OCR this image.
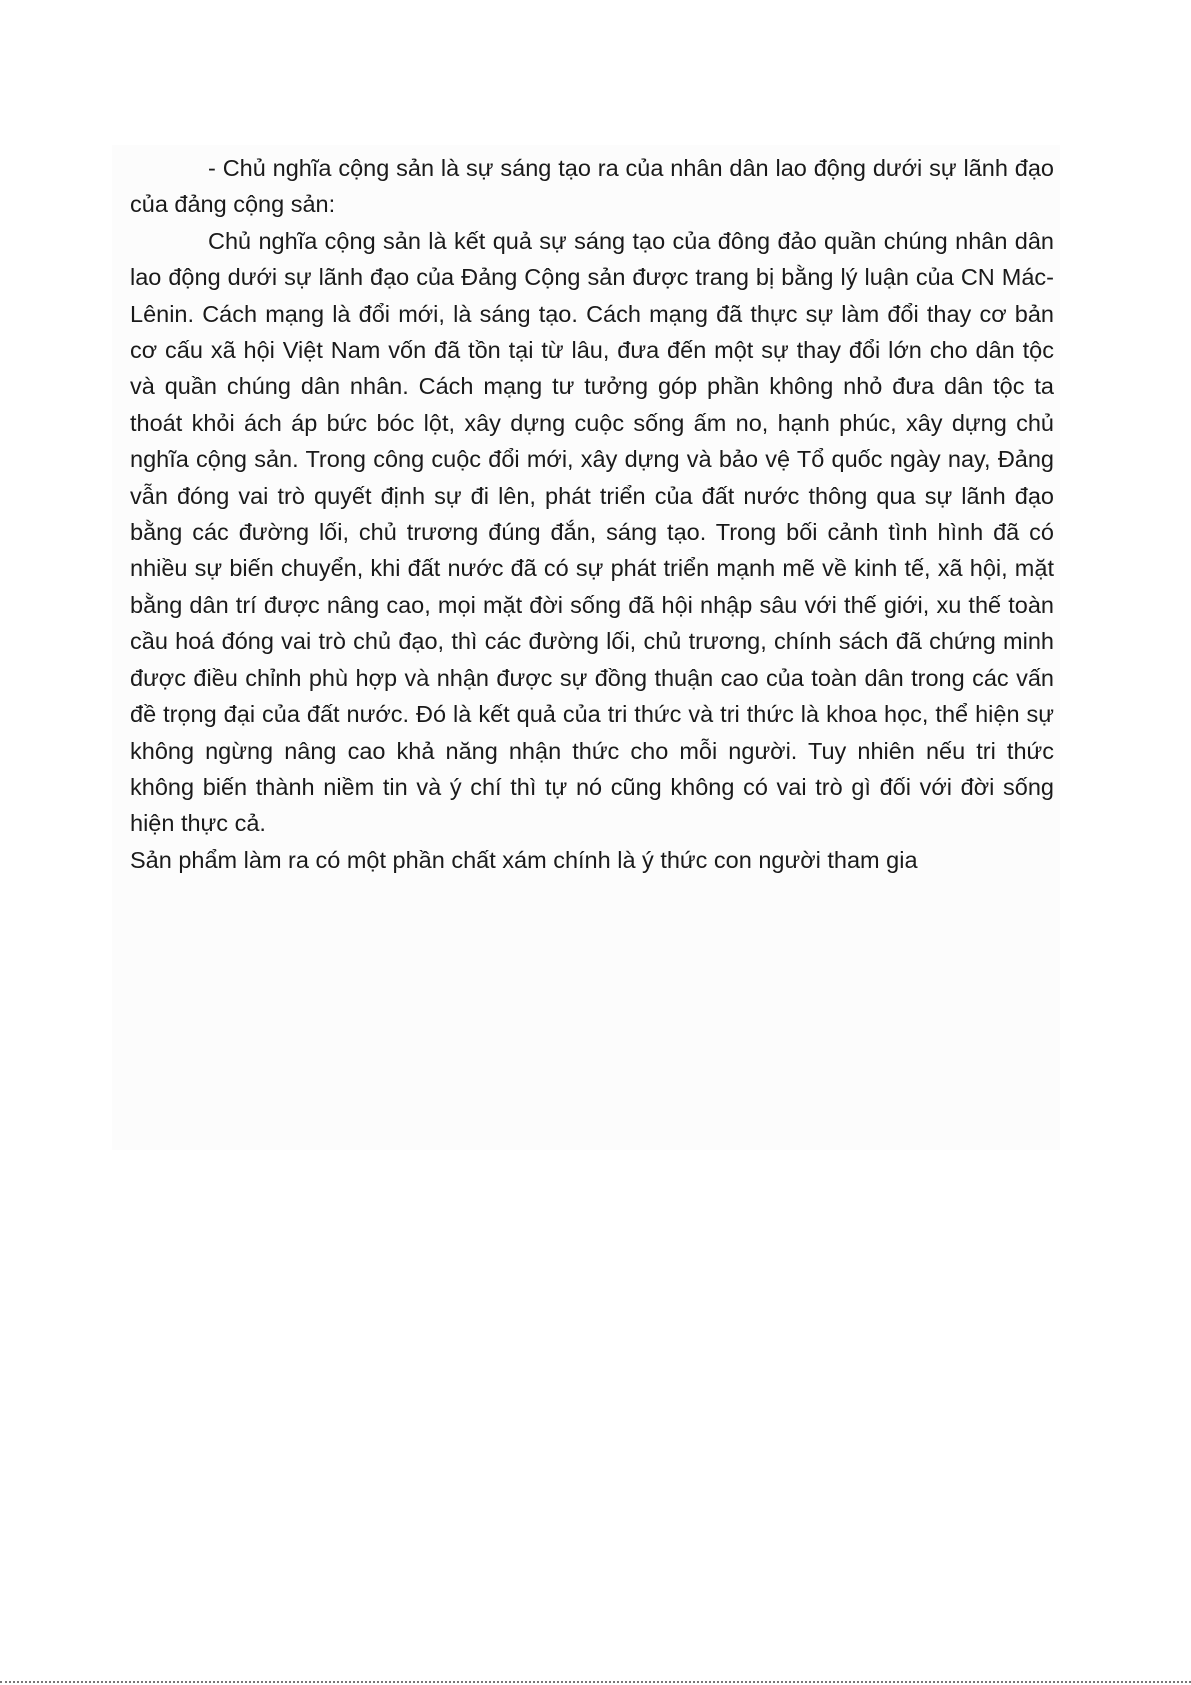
- Chủ nghĩa cộng sản là sự sáng tạo ra của nhân dân lao động dưới sự lãnh đạo của đảng cộng sản:

Chủ nghĩa cộng sản là kết quả sự sáng tạo của đông đảo quần chúng nhân dân lao động dưới sự lãnh đạo của Đảng Cộng sản được trang bị bằng lý luận của CN Mác-Lênin. Cách mạng là đổi mới, là sáng tạo. Cách mạng đã thực sự làm đổi thay cơ bản cơ cấu xã hội Việt Nam vốn đã tồn tại từ lâu, đưa đến một sự thay đổi lớn cho dân tộc và quần chúng dân nhân. Cách mạng tư tưởng góp phần không nhỏ đưa dân tộc ta thoát khỏi ách áp bức bóc lột, xây dựng cuộc sống ấm no, hạnh phúc, xây dựng chủ nghĩa cộng sản. Trong công cuộc đổi mới, xây dựng và bảo vệ Tổ quốc ngày nay, Đảng vẫn đóng vai trò quyết định sự đi lên, phát triển của đất nước thông qua sự lãnh đạo bằng các đường lối, chủ trương đúng đắn, sáng tạo. Trong bối cảnh tình hình đã có nhiều sự biến chuyển, khi đất nước đã có sự phát triển mạnh mẽ về kinh tế, xã hội, mặt bằng dân trí được nâng cao, mọi mặt đời sống đã hội nhập sâu với thế giới, xu thế toàn cầu hoá đóng vai trò chủ đạo, thì các đường lối, chủ trương, chính sách đã chứng minh được điều chỉnh phù hợp và nhận được sự đồng thuận cao của toàn dân trong các vấn đề trọng đại của đất nước. Đó là kết quả của tri thức và tri thức là khoa học, thể hiện sự không ngừng nâng cao khả năng nhận thức cho mỗi người. Tuy nhiên nếu tri thức không biến thành niềm tin và ý chí thì tự nó cũng không có vai trò gì đối với đời sống hiện thực cả.

Sản phẩm làm ra có một phần chất xám chính là ý thức con người tham gia
